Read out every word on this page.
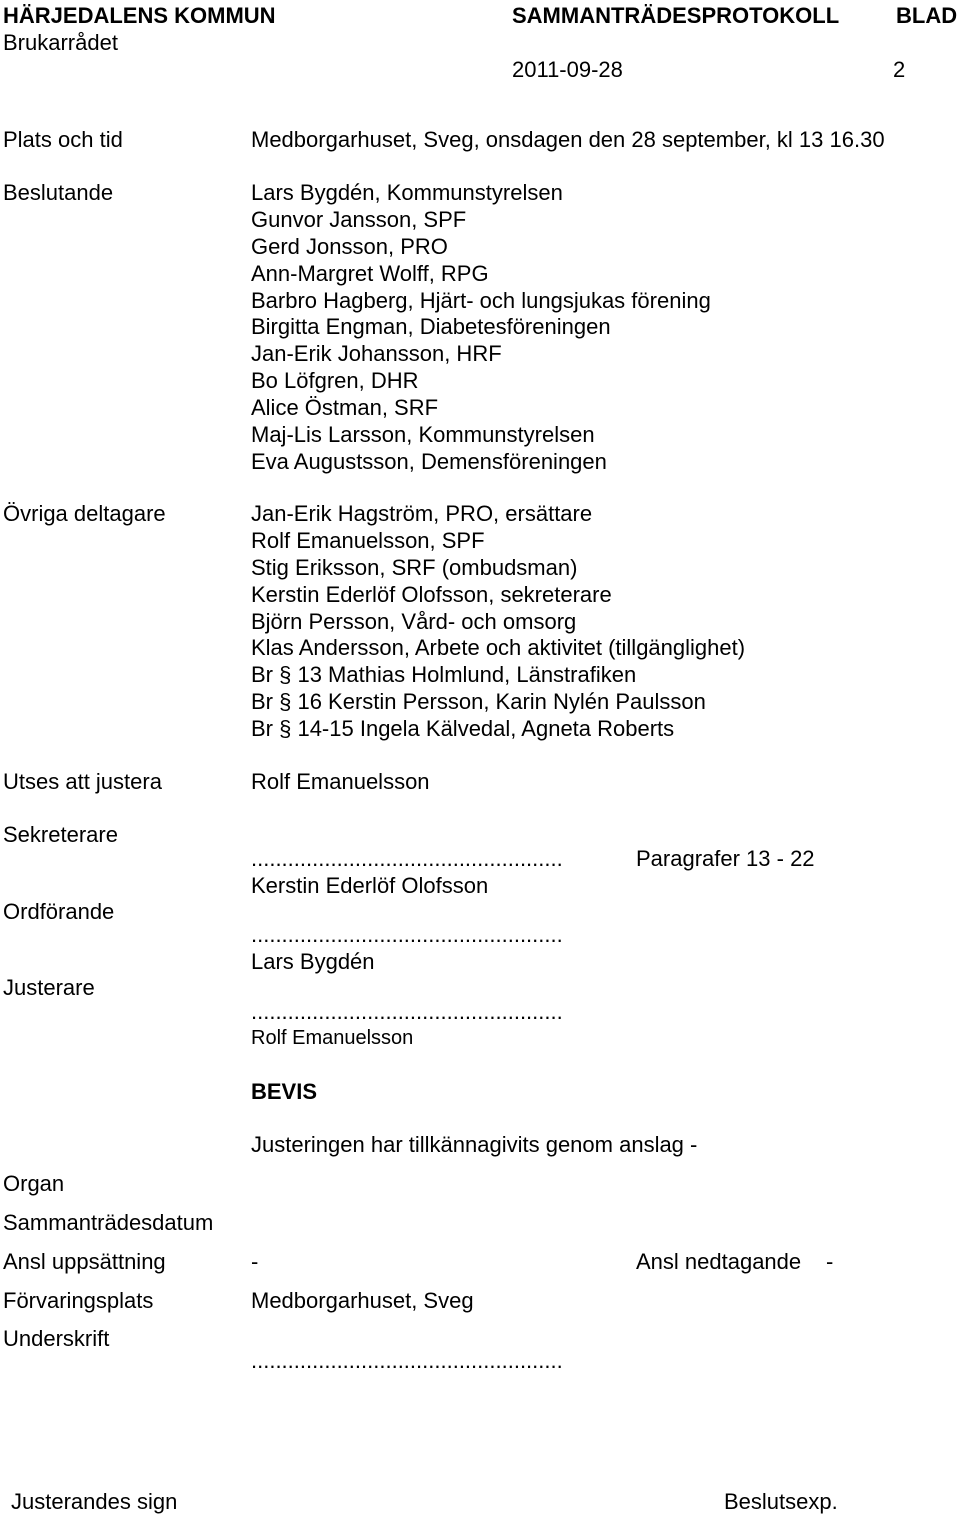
HÄRJEDALENS KOMMUN	SAMMANTRÄDESPROTOKOLL	BLAD
Brukarrådet
2011-09-28	2
Plats och tid	Medborgarhuset, Sveg, onsdagen den 28 september, kl 13 16.30
Beslutande	Lars Bygdén, Kommunstyrelsen
Gunvor Jansson, SPF
Gerd Jonsson, PRO
Ann-Margret Wolff, RPG
Barbro Hagberg, Hjärt- och lungsjukas förening
Birgitta Engman, Diabetesföreningen
Jan-Erik Johansson, HRF
Bo Löfgren, DHR
Alice Östman, SRF
Maj-Lis Larsson, Kommunstyrelsen
Eva Augustsson, Demensföreningen
Övriga deltagare	Jan-Erik Hagström, PRO, ersättare
Rolf Emanuelsson, SPF
Stig Eriksson, SRF (ombudsman)
Kerstin Ederlöf Olofsson, sekreterare
Björn Persson, Vård- och omsorg
Klas Andersson, Arbete och aktivitet (tillgänglighet)
Br § 13 Mathias Holmlund, Länstrafiken
Br § 16 Kerstin Persson, Karin Nylén Paulsson
Br § 14-15 Ingela Kälvedal, Agneta Roberts
Utses att justera	Rolf Emanuelsson
Sekreterare
...................................................	Paragrafer 13 - 22
Kerstin Ederlöf Olofsson
Ordförande
...................................................
Lars Bygdén
Justerare
...................................................
Rolf Emanuelsson
BEVIS
Justeringen har tillkännagivits genom anslag -
Organ
Sammanträdesdatum
Ansl uppsättning	-	Ansl nedtagande -
Förvaringsplats	Medborgarhuset, Sveg
Underskrift
...................................................
Justerandes sign	Beslutsexp.
